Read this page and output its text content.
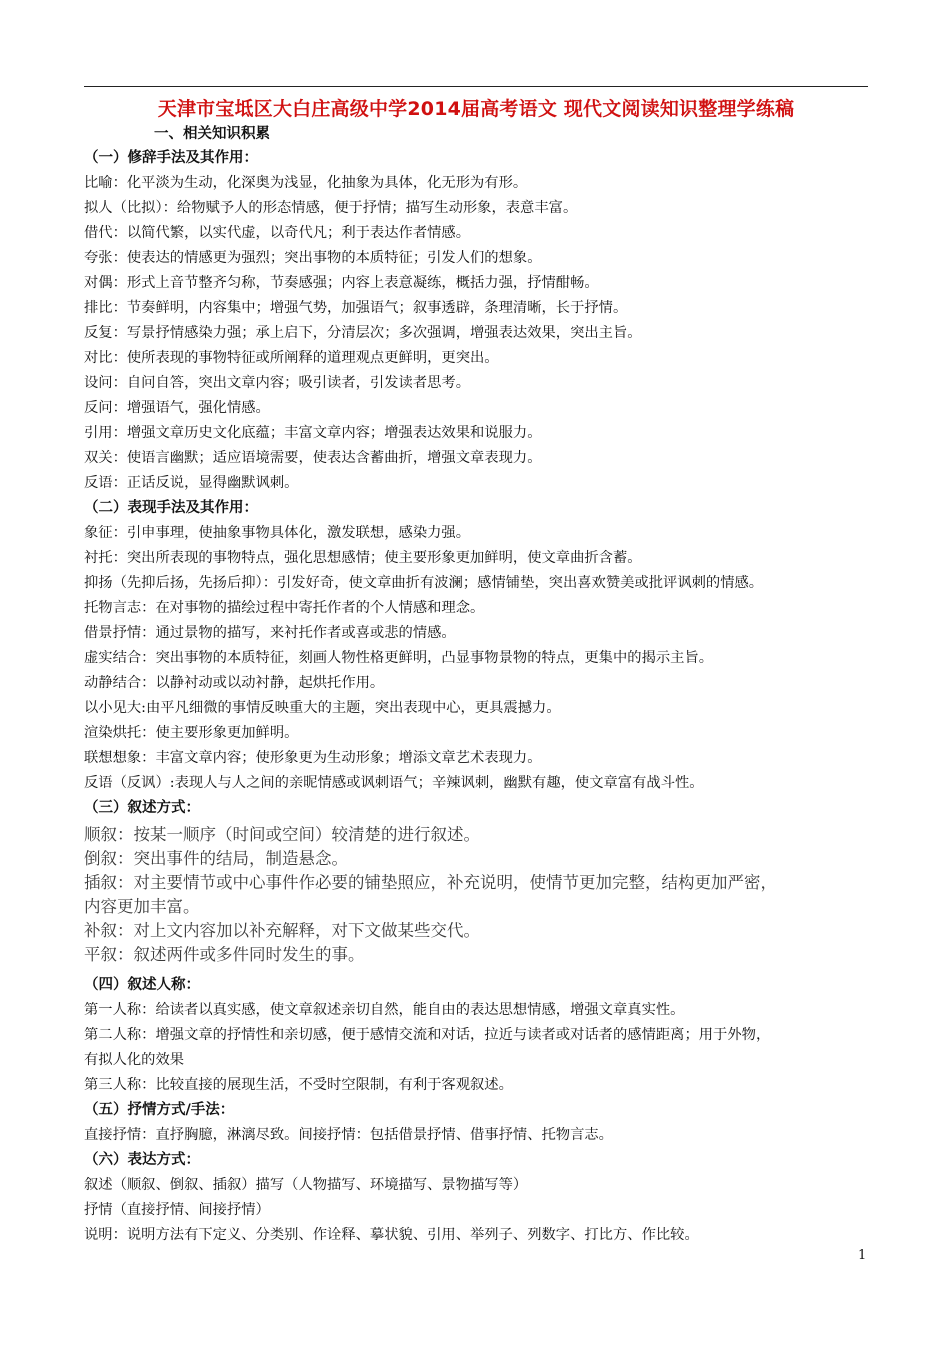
天津市宝坻区大白庄高级中学2014届高考语文 现代文阅读知识整理学练稿
一、相关知识积累
（一）修辞手法及其作用：
比喻：化平淡为生动，化深奥为浅显，化抽象为具体，化无形为有形。
拟人（比拟）：给物赋予人的形态情感，便于抒情；描写生动形象，表意丰富。
借代：以简代繁，以实代虚，以奇代凡；利于表达作者情感。
夸张：使表达的情感更为强烈；突出事物的本质特征；引发人们的想象。
对偶：形式上音节整齐匀称，节奏感强；内容上表意凝练，概括力强，抒情酣畅。
排比：节奏鲜明，内容集中；增强气势，加强语气；叙事透辟，条理清晰，长于抒情。
反复：写景抒情感染力强；承上启下，分清层次；多次强调，增强表达效果，突出主旨。
对比：使所表现的事物特征或所阐释的道理观点更鲜明，更突出。
设问：自问自答，突出文章内容；吸引读者，引发读者思考。
反问：增强语气，强化情感。
引用：增强文章历史文化底蕴；丰富文章内容；增强表达效果和说服力。
双关：使语言幽默；适应语境需要，使表达含蓄曲折，增强文章表现力。
反语：正话反说，显得幽默讽刺。
（二）表现手法及其作用：
象征：引申事理，使抽象事物具体化，激发联想，感染力强。
衬托：突出所表现的事物特点，强化思想感情；使主要形象更加鲜明，使文章曲折含蓄。
抑扬（先抑后扬，先扬后抑）：引发好奇，使文章曲折有波澜；感情铺垫，突出喜欢赞美或批评讽刺的情感。
托物言志：在对事物的描绘过程中寄托作者的个人情感和理念。
借景抒情：通过景物的描写，来衬托作者或喜或悲的情感。
虚实结合：突出事物的本质特征，刻画人物性格更鲜明，凸显事物景物的特点，更集中的揭示主旨。
动静结合：以静衬动或以动衬静，起烘托作用。
以小见大:由平凡细微的事情反映重大的主题，突出表现中心，更具震撼力。
渲染烘托：使主要形象更加鲜明。
联想想象：丰富文章内容；使形象更为生动形象；增添文章艺术表现力。
反语（反讽）:表现人与人之间的亲昵情感或讽刺语气；辛辣讽刺，幽默有趣，使文章富有战斗性。
（三）叙述方式：
顺叙：按某一顺序（时间或空间）较清楚的进行叙述。
倒叙：突出事件的结局，制造悬念。
插叙：对主要情节或中心事件作必要的铺垫照应，补充说明，使情节更加完整，结构更加严密，
内容更加丰富。
补叙：对上文内容加以补充解释，对下文做某些交代。
平叙：叙述两件或多件同时发生的事。
（四）叙述人称：
第一人称：给读者以真实感，使文章叙述亲切自然，能自由的表达思想情感，增强文章真实性。
第二人称：增强文章的抒情性和亲切感，便于感情交流和对话，拉近与读者或对话者的感情距离；用于外物，
有拟人化的效果
第三人称：比较直接的展现生活，不受时空限制，有利于客观叙述。
（五）抒情方式/手法：
直接抒情：直抒胸臆，淋漓尽致。间接抒情：包括借景抒情、借事抒情、托物言志。
（六）表达方式：
叙述（顺叙、倒叙、插叙）描写（人物描写、环境描写、景物描写等）
抒情（直接抒情、间接抒情）
说明：说明方法有下定义、分类别、作诠释、摹状貌、引用、举列子、列数字、打比方、作比较。
1
